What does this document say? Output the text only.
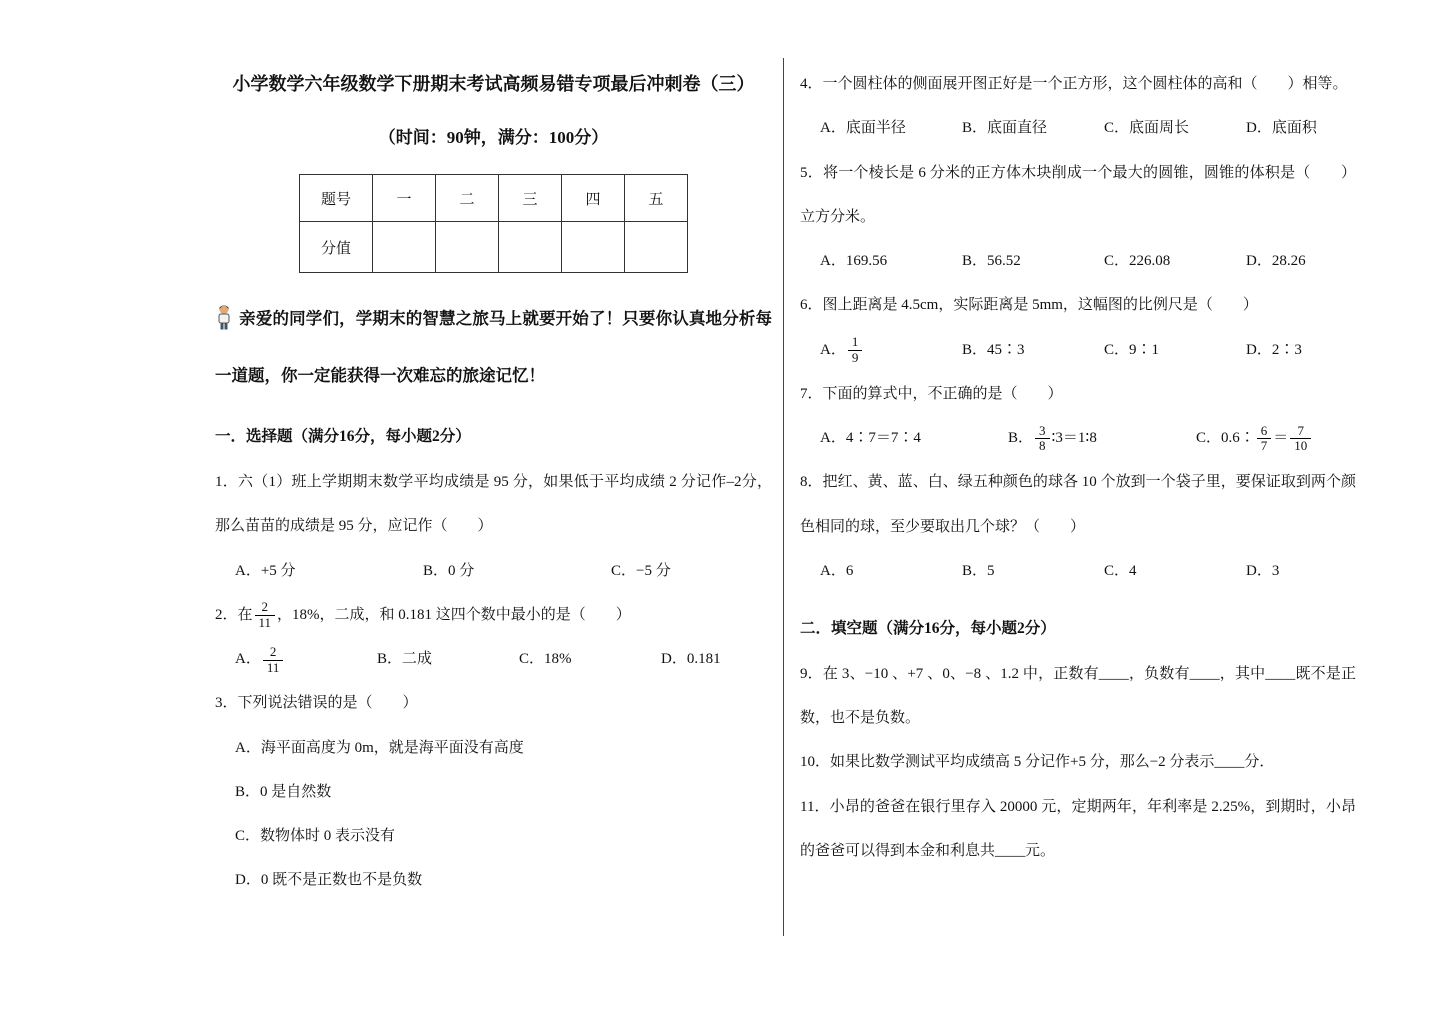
小学数学六年级数学下册期末考试高频易错专项最后冲刺卷（三）

（时间：90钟，满分：100分）

题号	一	二	三	四	五
分值					

亲爱的同学们，学期末的智慧之旅马上就要开始了！只要你认真地分析每一道题，你一定能获得一次难忘的旅途记忆！

一．选择题（满分16分，每小题2分）

1．六（1）班上学期期末数学平均成绩是 95 分，如果低于平均成绩 2 分记作–2分，那么苗苗的成绩是 95 分，应记作（　　）

A．+5 分	B．0 分	C．−5 分

2．在 $\frac{2}{11}$ ，18%，二成，和 0.181 这四个数中最小的是（　　）

A． $\frac{2}{11}$	B．二成	C．18%	D．0.181

3．下列说法错误的是（　　）

A．海平面高度为 0m，就是海平面没有高度

B．0 是自然数

C．数物体时 0 表示没有

D．0 既不是正数也不是负数

4．一个圆柱体的侧面展开图正好是一个正方形，这个圆柱体的高和（　　）相等。

A．底面半径	B．底面直径	C．底面周长	D．底面积

5．将一个棱长是 6 分米的正方体木块削成一个最大的圆锥，圆锥的体积是（　　）立方分米。

A．169.56	B．56.52	C．226.08	D．28.26

6．图上距离是 4.5cm，实际距离是 5mm，这幅图的比例尺是（　　）

A． $\frac{1}{9}$	B．45∶3	C．9∶1	D．2∶3

7．下面的算式中，不正确的是（　　）

A．4∶7＝7∶4	B． $\frac{3}{8}$ ∶3＝1∶8	C．0.6∶ $\frac{6}{7} = \frac{7}{10}$

8．把红、黄、蓝、白、绿五种颜色的球各 10 个放到一个袋子里，要保证取到两个颜色相同的球，至少要取出几个球？（　　）

A．6	B．5	C．4	D．3

二．填空题（满分16分，每小题2分）

9．在 3、−10 、+7 、0、−8 、1.2 中，正数有____，负数有____，其中____既不是正数，也不是负数。

10．如果比数学测试平均成绩高 5 分记作+5 分，那么−2 分表示____分．

11．小昂的爸爸在银行里存入 20000 元，定期两年，年利率是 2.25%，到期时，小昂的爸爸可以得到本金和利息共____元。
